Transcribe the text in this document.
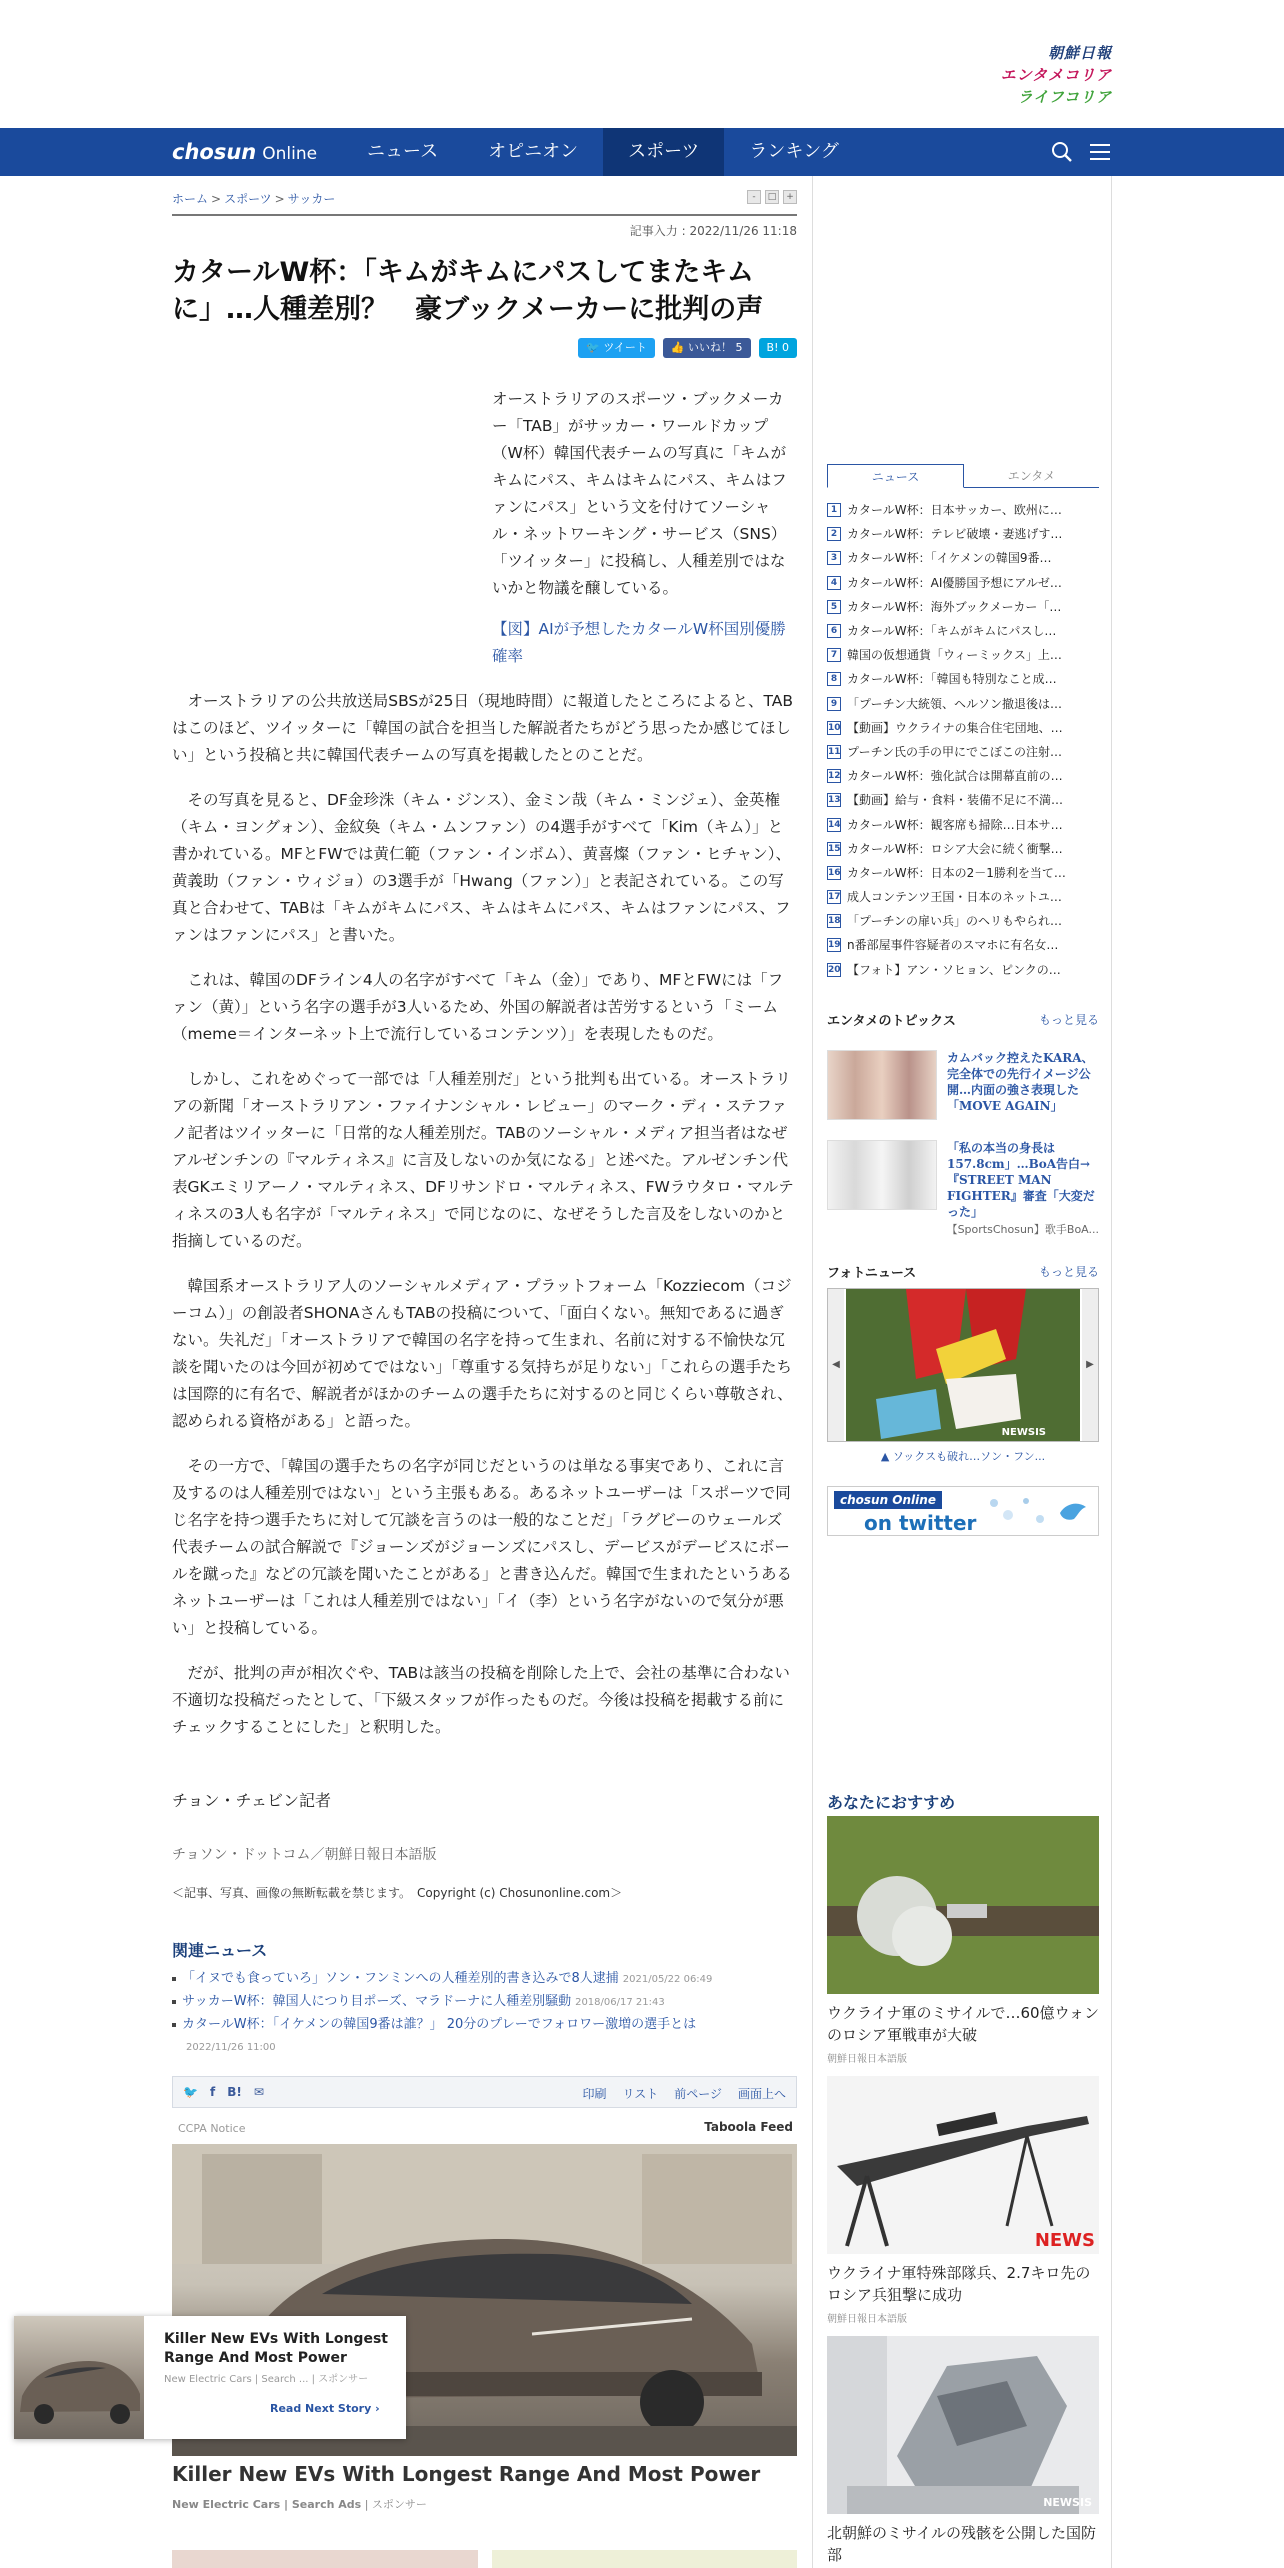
朝鮮日報
エンタメコリア
ライフコリア
chosun Online	ニュース	オピニオン	スポーツ	ランキング
ホーム > スポーツ > サッカー	-	□	+
記事入力 : 2022/11/26 11:18
カタールW杯：「キムがキムにパスしてまたキムに」…人種差別？　豪ブックメーカーに批判の声
🐦 ツイート	👍 いいね！ 5	B! 0

オーストラリアのスポーツ・ブックメーカー「TAB」がサッカー・ワールドカップ（W杯）韓国代表チームの写真に「キムがキムにパス、キムはキムにパス、キムはファンにパス」という文を付けてソーシャル・ネットワーキング・サービス（SNS）「ツイッター」に投稿し、人種差別ではないかと物議を醸している。

【図】AIが予想したカタールW杯国別優勝確率

オーストラリアの公共放送局SBSが25日（現地時間）に報道したところによると、TABはこのほど、ツイッターに「韓国の試合を担当した解説者たちがどう思ったか感じてほしい」という投稿と共に韓国代表チームの写真を掲載したとのことだ。

その写真を見ると、DF金珍洙（キム・ジンス）、金ミン哉（キム・ミンジェ）、金英権（キム・ヨングォン）、金紋奐（キム・ムンファン）の4選手がすべて「Kim（キム）」と書かれている。MFとFWでは黄仁範（ファン・インボム）、黄喜燦（ファン・ヒチャン）、黄義助（ファン・ウィジョ）の3選手が「Hwang（ファン）」と表記されている。この写真と合わせて、TABは「キムがキムにパス、キムはキムにパス、キムはファンにパス、ファンはファンにパス」と書いた。

これは、韓国のDFライン4人の名字がすべて「キム（金）」であり、MFとFWには「ファン（黄）」という名字の選手が3人いるため、外国の解説者は苦労するという「ミーム（meme＝インターネット上で流行しているコンテンツ）」を表現したものだ。

しかし、これをめぐって一部では「人種差別だ」という批判も出ている。オーストラリアの新聞「オーストラリアン・ファイナンシャル・レビュー」のマーク・ディ・ステファノ記者はツイッターに「日常的な人種差別だ。TABのソーシャル・メディア担当者はなぜアルゼンチンの『マルティネス』に言及しないのか気になる」と述べた。アルゼンチン代表GKエミリアーノ・マルティネス、DFリサンドロ・マルティネス、FWラウタロ・マルティネスの3人も名字が「マルティネス」で同じなのに、なぜそうした言及をしないのかと指摘しているのだ。

韓国系オーストラリア人のソーシャルメディア・プラットフォーム「Kozziecom（コジーコム）」の創設者SHONAさんもTABの投稿について、「面白くない。無知であるに過ぎない。失礼だ」「オーストラリアで韓国の名字を持って生まれ、名前に対する不愉快な冗談を聞いたのは今回が初めてではない」「尊重する気持ちが足りない」「これらの選手たちは国際的に有名で、解説者がほかのチームの選手たちに対するのと同じくらい尊敬され、認められる資格がある」と語った。

その一方で、「韓国の選手たちの名字が同じだというのは単なる事実であり、これに言及するのは人種差別ではない」という主張もある。あるネットユーザーは「スポーツで同じ名字を持つ選手たちに対して冗談を言うのは一般的なことだ」「ラグビーのウェールズ代表チームの試合解説で『ジョーンズがジョーンズにパスし、デービスがデービスにボールを蹴った』などの冗談を聞いたことがある」と書き込んだ。韓国で生まれたというあるネットユーザーは「これは人種差別ではない」「イ（李）という名字がないので気分が悪い」と投稿している。

だが、批判の声が相次ぐや、TABは該当の投稿を削除した上で、会社の基準に合わない不適切な投稿だったとして、「下級スタッフが作ったものだ。今後は投稿を掲載する前にチェックすることにした」と釈明した。

チョン・チェビン記者
チョソン・ドットコム／朝鮮日報日本語版
＜記事、写真、画像の無断転載を禁じます。　Copyright (c) Chosunonline.com＞
関連ニュース
「イヌでも食っていろ」ソン・フンミンへの人種差別的書き込みで8人逮捕 2021/05/22 06:49
サッカーW杯：韓国人につり目ポーズ、マラドーナに人種差別騒動 2018/06/17 21:43
カタールW杯：「イケメンの韓国9番は誰？」 20分のプレーでフォロワー激増の選手とは
2022/11/26 11:00
🐦 f B! ✉	印刷 リスト 前ページ 画面上へ
CCPA Notice	Taboola Feed
Killer New EVs With Longest Range And Most Power
New Electric Cars | Search Ads | スポンサー
Killer New EVs With Longest Range And Most Power
New Electric Cars | Search ... | スポンサー
Read Next Story ›
ニュース	エンタメ
1 カタールW杯：日本サッカー、欧州に…
2 カタールW杯：テレビ破壊・妻逃げす…
3 カタールW杯：「イケメンの韓国9番…
4 カタールW杯：AI優勝国予想にアルゼ…
5 カタールW杯：海外ブックメーカー「…
6 カタールW杯：「キムがキムにパスし…
7 韓国の仮想通貨「ウィーミックス」上…
8 カタールW杯：「韓国も特別なこと成…
9 「プーチン大統領、ヘルソン撤退後は…
10 【動画】ウクライナの集合住宅団地、…
11 プーチン氏の手の甲にでこぼこの注射…
12 カタールW杯：強化試合は開幕直前の…
13 【動画】給与・食料・装備不足に不満…
14 カタールW杯：観客席も掃除…日本サ…
15 カタールW杯：ロシア大会に続く衝撃…
16 カタールW杯：日本の2－1勝利を当て…
17 成人コンテンツ王国・日本のネットユ…
18 「プーチンの扉い兵」のヘリもやられ…
19 n番部屋事件容疑者のスマホに有名女…
20 【フォト】アン・ソヒョン、ピンクの…
エンタメのトピックス	もっと見る
カムバック控えたKARA、完全体での先行イメージ公開…内面の強さ表現した「MOVE AGAIN」
「私の本当の身長は157.8cm」…BoA告白→『STREET MAN FIGHTER』審査「大変だった」
【SportsChosun】歌手BoA...
フォトニュース	もっと見る
◀
NEWSIS
▶
▲ ソックスも破れ…ソン・フン...
chosun Online
on twitter
あなたにおすすめ
ウクライナ軍のミサイルで…60億ウォンのロシア軍戦車が大破
朝鮮日報日本語版
NEWS
ウクライナ軍特殊部隊兵、2.7キロ先のロシア兵狙撃に成功
朝鮮日報日本語版
NEWSIS
北朝鮮のミサイルの残骸を公開した国防部
